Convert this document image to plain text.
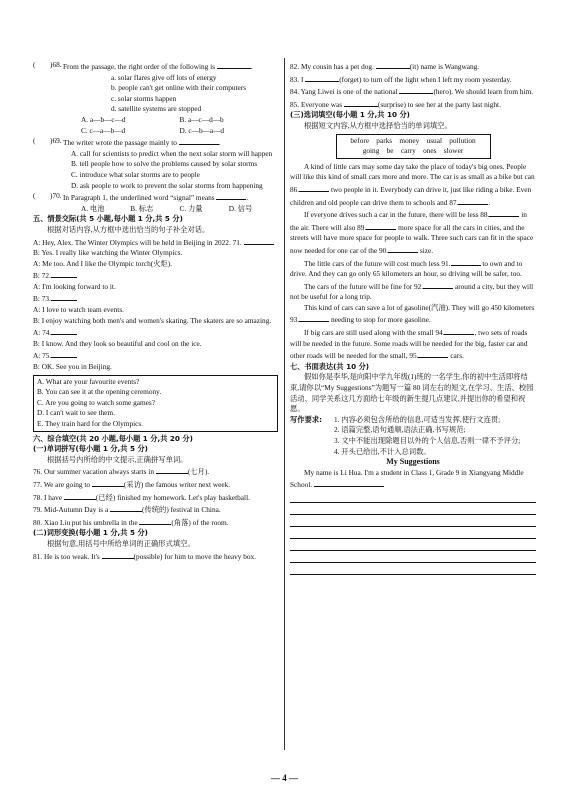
(　　)68. From the passage, the right order of the following is	.

a. solar flares give off lots of energy

b. people can't get online with their computers

c. solar storms happen

d. satellite systems are stopped

A. a—b—c—d	B. a—c—d—b
C. c—a—b—d	D. c—b—a—d
(　　)69. The writer wrote the passage mainly to	.

A. call for scientists to predict when the next solar storm will happen

B. tell people how to solve the problems caused by solar storms

C. introduce what solar storms are to people

D. ask people to work to prevent the solar storms from happening

(　　)70. In Paragraph 1, the underlined word “signal” means	.

A. 电池	B. 标志	C. 力量	D. 信号

五、情景交际(共 5 小题,每小题 1 分,共 5 分)

根据对话内容,从方框中选出恰当的句子补全对话。

A: Hey, Alex. The Winter Olympics will be held in Beijing in 2022. 71.

B: Yes. I really like watching the Winter Olympics.

A: Me too. And I like the Olympic torch(火炬).

B: 72.

A: I'm looking forward to it.

B: 73.

A: I love to watch team events.

B: I enjoy watching both men's and women's skating. The skaters are so amazing.

A: 74.

B: I know. And they look so beautiful and cool on the ice.

A: 75.

B: OK. See you in Beijing.

A. What are your favourite events?

B. You can see it at the opening ceremony.

C. Are you going to watch some games?

D. I can't wait to see them.

E. They train hard for the Olympics.

六、综合填空(共 20 小题,每小题 1 分,共 20 分)

(一)单词拼写(每小题 1 分,共 5 分)

根据括号内所给的中文提示,正确拼写单词。

76. Our summer vacation always starts in	(七月).

77. We are going to	(采访) the famous writer next week.

78. I have	(已经) finished my homework. Let's play basketball.

79. Mid-Autumn Day is a	(传统的) festival in China.

80. Xiao Liu put his umbrella in the	(角落) of the room.

(二)词形变换(每小题 1 分,共 5 分)

根据句意,用括号中所给单词的正确形式填空。

81. He is too weak. It's	(possible) for him to move the heavy box.

82. My cousin has a pet dog.	(it) name is Wangwang.

83. I	(forget) to turn off the light when I left my room yesterday.

84. Yang Liwei is one of the national	(hero). We should learn from him.

85. Everyone was	(surprise) to see her at the party last night.

(三)选词填空(每小题 1 分,共 10 分)

根据短文内容,从方框中选择恰当的单词填空。

before　parks　money　usual　pollution

going　be　carry　ones　slower

A kind of little cars may some day take the place of today's big ones. People will like this kind of small cars more and more. The car is as small as a bike but can 86.	two people in it. Everybody can drive it, just like riding a bike. Even children and old people can drive them to schools and 87.	.

If everyone drives such a car in the future, there will be less 88.	in the air. There will also 89.	more space for all the cars in cities, and the streets will have more space for people to walk. Three such cars can fit in the space now needed for one car of the 90.	size.

The little cars of the future will cost much less 91.	to own and to drive. And they can go only 65 kilometers an hour, so driving will be safer, too.

The cars of the future will be fine for 92.	around a city, but they will not be useful for a long trip.

This kind of cars can save a lot of gasoline(汽油). They will go 450 kilometers 93.	needing to stop for more gasoline.

If big cars are still used along with the small 94.	, two sets of roads will be needed in the future. Some roads will be needed for the big, faster car and other roads will be needed for the small, 95.	cars.

七、书面表达(共 10 分)

假如你是李华,是向阳中学九年级(1)班的一名学生,你的初中生活即将结束,请你以“My Suggestions”为题写一篇 80 词左右的短文,在学习、生活、校园活动、同学关系这几方面给七年级的新生提几点建议,并提出你的希望和祝愿。

写作要求:	1. 内容必须包含所给的信息,可适当发挥,使行文连贯;

2. 语篇完整,语句通顺,语法正确,书写规范;

3. 文中不能出现除题目以外的个人信息,否则一律不予评分;

4. 开头已给出,不计入总词数。

My Suggestions

My name is Li Hua. I'm a student in Class 1, Grade 9 in Xiangyang Middle School.

— 4 —
